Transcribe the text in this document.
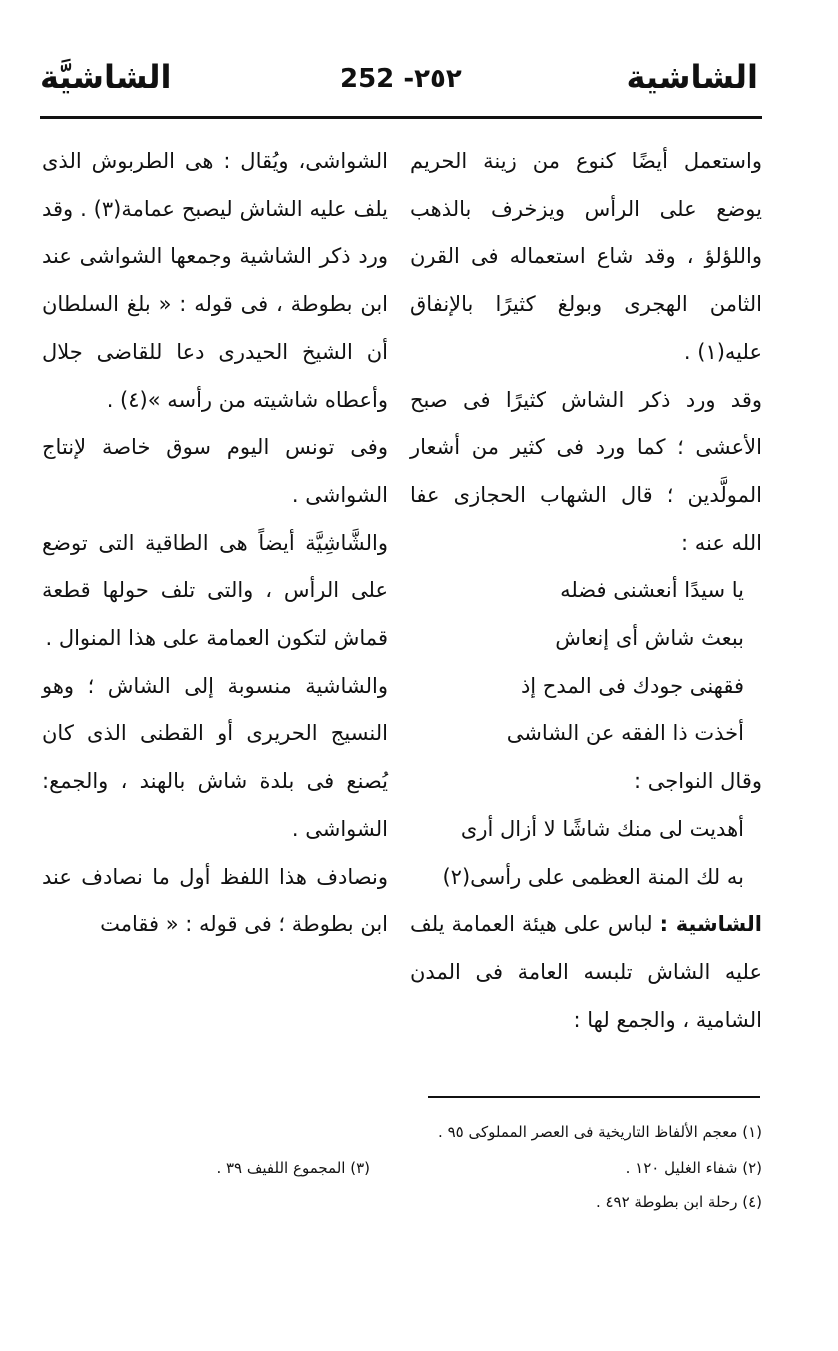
الشاشيَّة	252 -٢٥٢	الشاشية

واستعمل أيضًا كنوع من زينة الحريم يوضع على الرأس ويزخرف بالذهب واللؤلؤ ، وقد شاع استعماله فى القرن الثامن الهجرى وبولغ كثيرًا بالإنفاق عليه(١) .

وقد ورد ذكر الشاش كثيرًا فى صبح الأعشى ؛ كما ورد فى كثير من أشعار المولَّدين ؛ قال الشهاب الحجازى عفا الله عنه :

يا سيدًا أنعشنى فضله

ببعث شاش أى إنعاش

فقهنى جودك فى المدح إذ

أخذت ذا الفقه عن الشاشى

وقال النواجى :

أهديت لى منك شاشًا لا أزال أرى

به لك المنة العظمى على رأسى(٢)

الشاشية : لباس على هيئة العمامة يلف عليه الشاش تلبسه العامة فى المدن الشامية ، والجمع لها :

الشواشى، ويُقال : هى الطربوش الذى يلف عليه الشاش ليصبح عمامة(٣) . وقد ورد ذكر الشاشية وجمعها الشواشى عند ابن بطوطة ، فى قوله : « بلغ السلطان أن الشيخ الحيدرى دعا للقاضى جلال وأعطاه شاشيته من رأسه »(٤) .

وفى تونس اليوم سوق خاصة لإنتاج الشواشى .

والشَّاشِيَّة أيضاً هى الطاقية التى توضع على الرأس ، والتى تلف حولها قطعة قماش لتكون العمامة على هذا المنوال .

والشاشية منسوبة إلى الشاش ؛ وهو النسيج الحريرى أو القطنى الذى كان يُصنع فى بلدة شاش بالهند ، والجمع: الشواشى .

ونصادف هذا اللفظ أول ما نصادف عند ابن بطوطة ؛ فى قوله : « فقامت

(١) معجم الألفاظ التاريخية فى العصر المملوكى ٩٥ .
(٢) شفاء الغليل ١٢٠ .
(٣) المجموع اللفيف ٣٩ .
(٤) رحلة ابن بطوطة ٤٩٢ .
